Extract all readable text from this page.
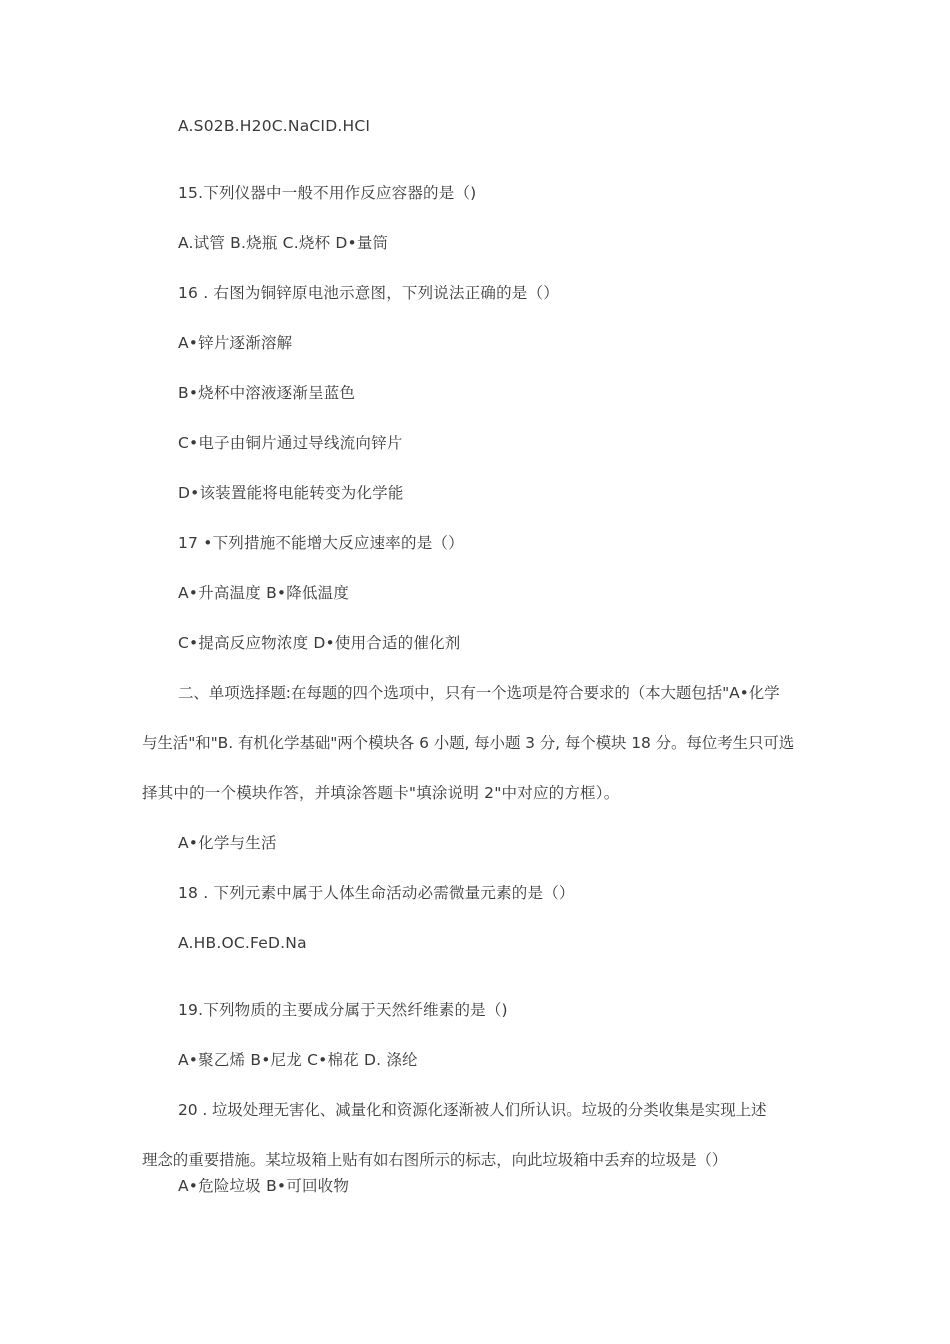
A.S02B.H20C.NaCID.HCI
15.下列仪器中一般不用作反应容器的是（)
A.试管 B.烧瓶 C.烧杯 D•量筒
16 . 右图为铜锌原电池示意图，下列说法正确的是（）
A•锌片逐渐溶解
B•烧杯中溶液逐渐呈蓝色
C•电子由铜片通过导线流向锌片
D•该装置能将电能转变为化学能
17 •下列措施不能增大反应速率的是（）
A•升高温度 B•降低温度
C•提高反应物浓度 D•使用合适的催化剂
二、单项选择题:在每题的四个选项中，只有一个选项是符合要求的（本大题包括"A•化学
与生活"和"B. 有机化学基础"两个模块各 6 小题, 每小题 3 分, 每个模块 18 分。每位考生只可选
择其中的一个模块作答，并填涂答题卡"填涂说明 2"中对应的方框）。
A•化学与生活
18 . 下列元素中属于人体生命活动必需微量元素的是（）
A.HB.OC.FeD.Na
19.下列物质的主要成分属于天然纤维素的是（)
A•聚乙烯 B•尼龙 C•棉花 D. 涤纶
20 . 垃圾处理无害化、减量化和资源化逐渐被人们所认识。垃圾的分类收集是实现上述
理念的重要措施。某垃圾箱上贴有如右图所示的标志，向此垃圾箱中丢弃的垃圾是（）
A•危险垃圾 B•可回收物
